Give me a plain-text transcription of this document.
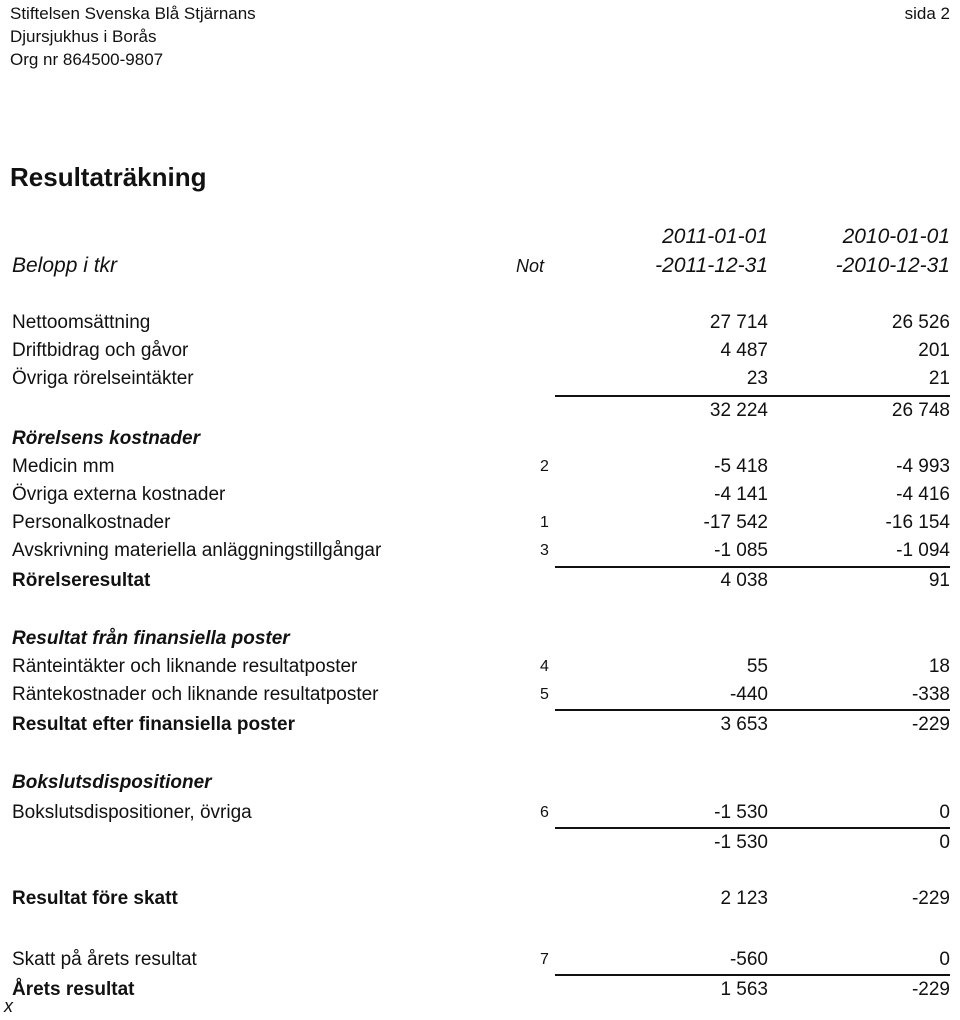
Stiftelsen Svenska Blå Stjärnans
Djursjukhus i Borås
Org nr 864500-9807
sida 2
Resultaträkning
2011-01-01	2010-01-01
Belopp i tkr	Not	-2011-12-31	-2010-12-31
Nettoomsättning	27 714	26 526
Driftbidrag och gåvor	4 487	201
Övriga rörelseintäkter	23	21
32 224	26 748
Rörelsens kostnader
Medicin mm	2	-5 418	-4 993
Övriga externa kostnader	-4 141	-4 416
Personalkostnader	1	-17 542	-16 154
Avskrivning materiella anläggningstillgångar	3	-1 085	-1 094
Rörelseresultat	4 038	91
Resultat från finansiella poster
Ränteintäkter och liknande resultatposter	4	55	18
Räntekostnader och liknande resultatposter	5	-440	-338
Resultat efter finansiella poster	3 653	-229
Bokslutsdispositioner
Bokslutsdispositioner, övriga	6	-1 530	0
-1 530	0
Resultat före skatt	2 123	-229
Skatt på årets resultat	7	-560	0
Årets resultat	1 563	-229
x
